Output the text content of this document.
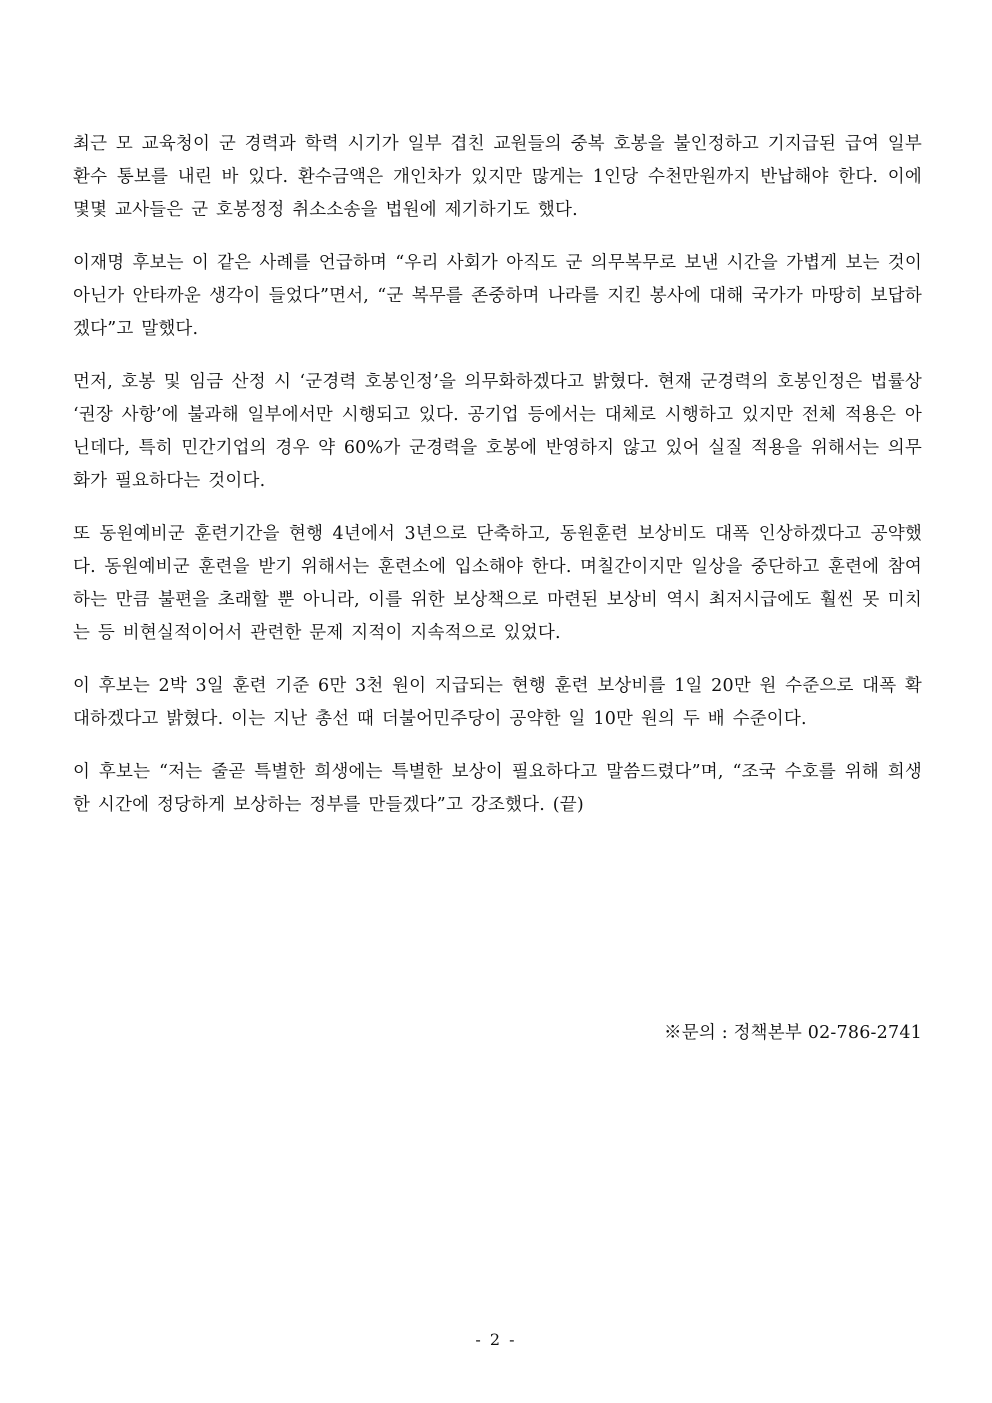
최근 모 교육청이 군 경력과 학력 시기가 일부 겹친 교원들의 중복 호봉을 불인정하고 기지급된 급여 일부 환수 통보를 내린 바 있다. 환수금액은 개인차가 있지만 많게는 1인당 수천만원까지 반납해야 한다. 이에 몇몇 교사들은 군 호봉정정 취소소송을 법원에 제기하기도 했다.

이재명 후보는 이 같은 사례를 언급하며 “우리 사회가 아직도 군 의무복무로 보낸 시간을 가볍게 보는 것이 아닌가 안타까운 생각이 들었다”면서, “군 복무를 존중하며 나라를 지킨 봉사에 대해 국가가 마땅히 보답하겠다”고 말했다.

먼저, 호봉 및 임금 산정 시 ‘군경력 호봉인정’을 의무화하겠다고 밝혔다. 현재 군경력의 호봉인정은 법률상 ‘권장 사항’에 불과해 일부에서만 시행되고 있다. 공기업 등에서는 대체로 시행하고 있지만 전체 적용은 아닌데다, 특히 민간기업의 경우 약 60%가 군경력을 호봉에 반영하지 않고 있어 실질 적용을 위해서는 의무화가 필요하다는 것이다.

또 동원예비군 훈련기간을 현행 4년에서 3년으로 단축하고, 동원훈련 보상비도 대폭 인상하겠다고 공약했다. 동원예비군 훈련을 받기 위해서는 훈련소에 입소해야 한다. 며칠간이지만 일상을 중단하고 훈련에 참여하는 만큼 불편을 초래할 뿐 아니라, 이를 위한 보상책으로 마련된 보상비 역시 최저시급에도 훨씬 못 미치는 등 비현실적이어서 관련한 문제 지적이 지속적으로 있었다.

이 후보는 2박 3일 훈련 기준 6만 3천 원이 지급되는 현행 훈련 보상비를 1일 20만 원 수준으로 대폭 확대하겠다고 밝혔다. 이는 지난 총선 때 더불어민주당이 공약한 일 10만 원의 두 배 수준이다.

이 후보는 “저는 줄곧 특별한 희생에는 특별한 보상이 필요하다고 말씀드렸다”며, “조국 수호를 위해 희생한 시간에 정당하게 보상하는 정부를 만들겠다”고 강조했다. (끝)

※문의 : 정책본부 02-786-2741
- 2 -
